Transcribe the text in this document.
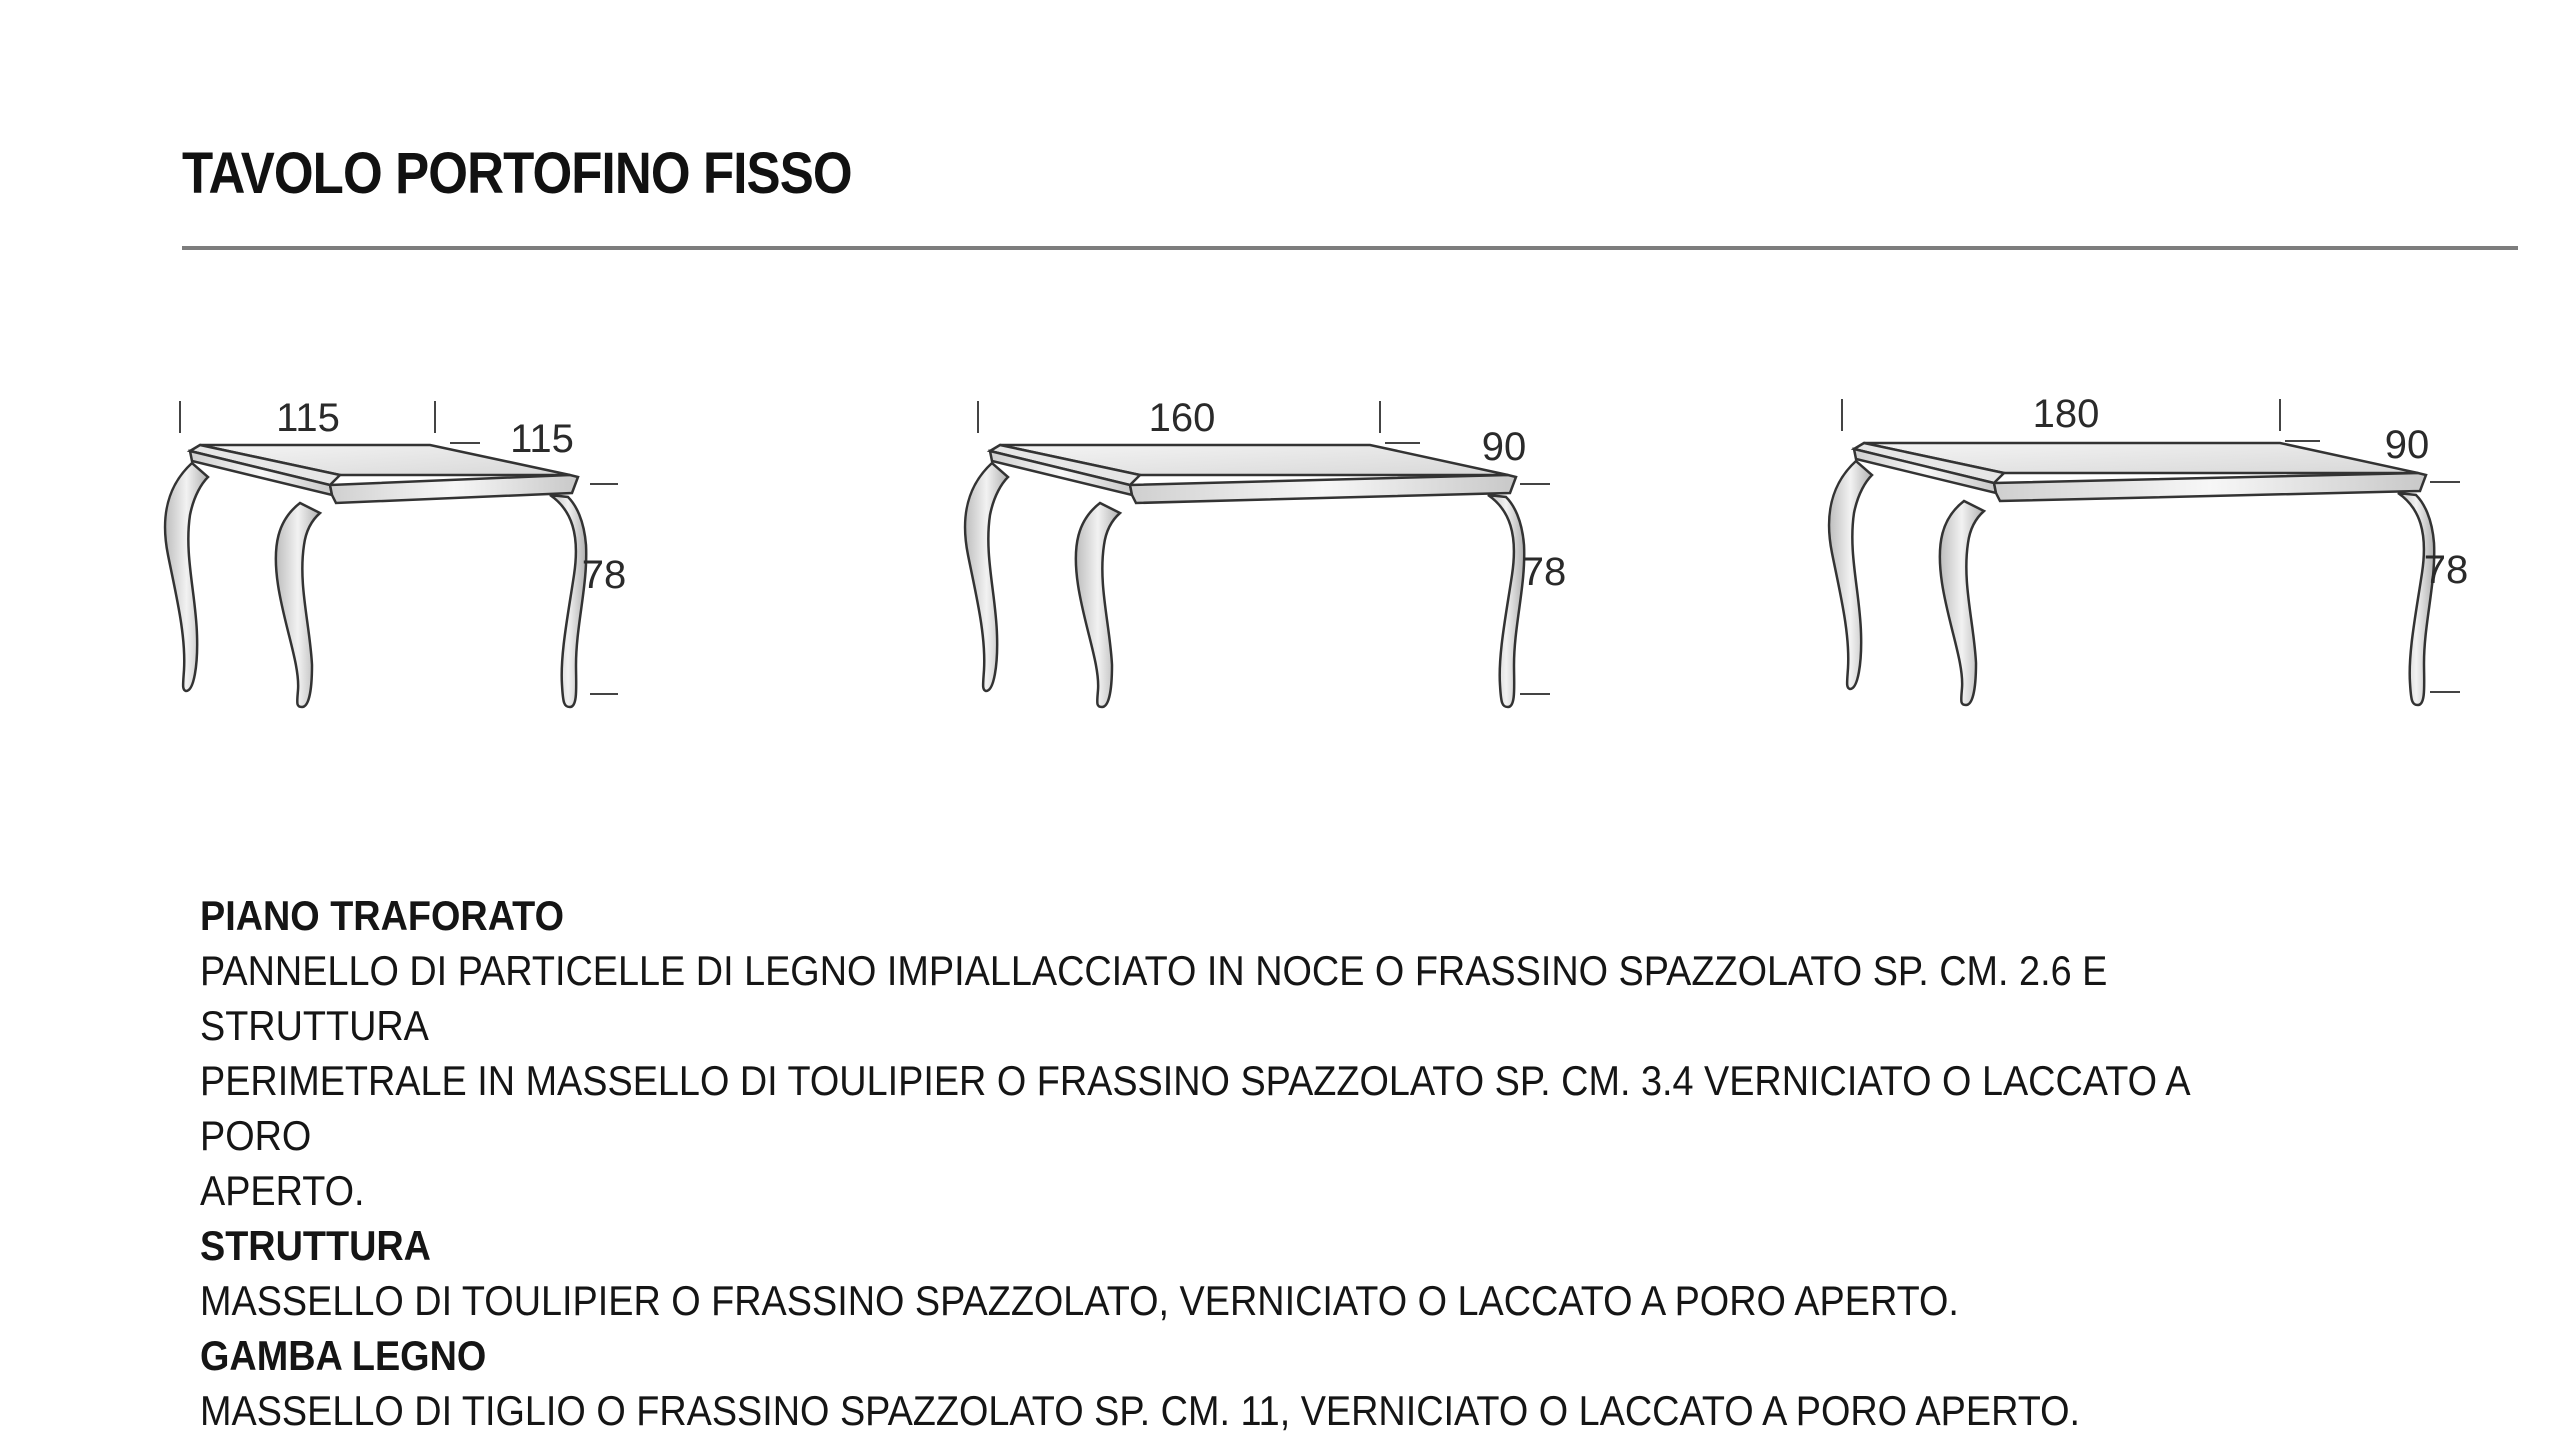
TAVOLO PORTOFINO FISSO
115	115
78
160
90
78
180
90
78

PIANO TRAFORATO

PANNELLO DI PARTICELLE DI LEGNO IMPIALLACCIATO IN NOCE O FRASSINO SPAZZOLATO SP. CM. 2.6 E STRUTTURA

PERIMETRALE IN MASSELLO DI TOULIPIER O FRASSINO SPAZZOLATO SP. CM. 3.4 VERNICIATO O LACCATO A PORO

APERTO.

STRUTTURA

MASSELLO DI TOULIPIER O FRASSINO SPAZZOLATO, VERNICIATO O LACCATO A PORO APERTO.

GAMBA LEGNO

MASSELLO DI TIGLIO O FRASSINO SPAZZOLATO SP. CM. 11, VERNICIATO O LACCATO A PORO APERTO.
